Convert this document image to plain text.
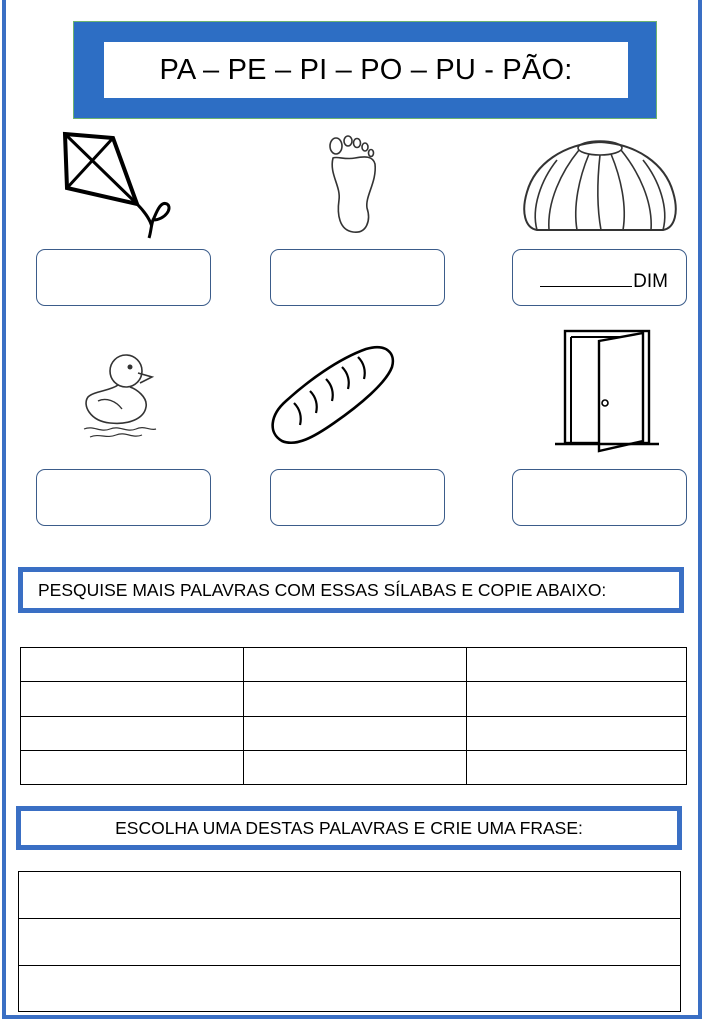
PA – PE – PI – PO – PU - PÃO:
DIM
PESQUISE MAIS PALAVRAS COM ESSAS SÍLABAS E COPIE ABAIXO:

ESCOLHA UMA DESTAS PALAVRAS E CRIE UMA FRASE:
